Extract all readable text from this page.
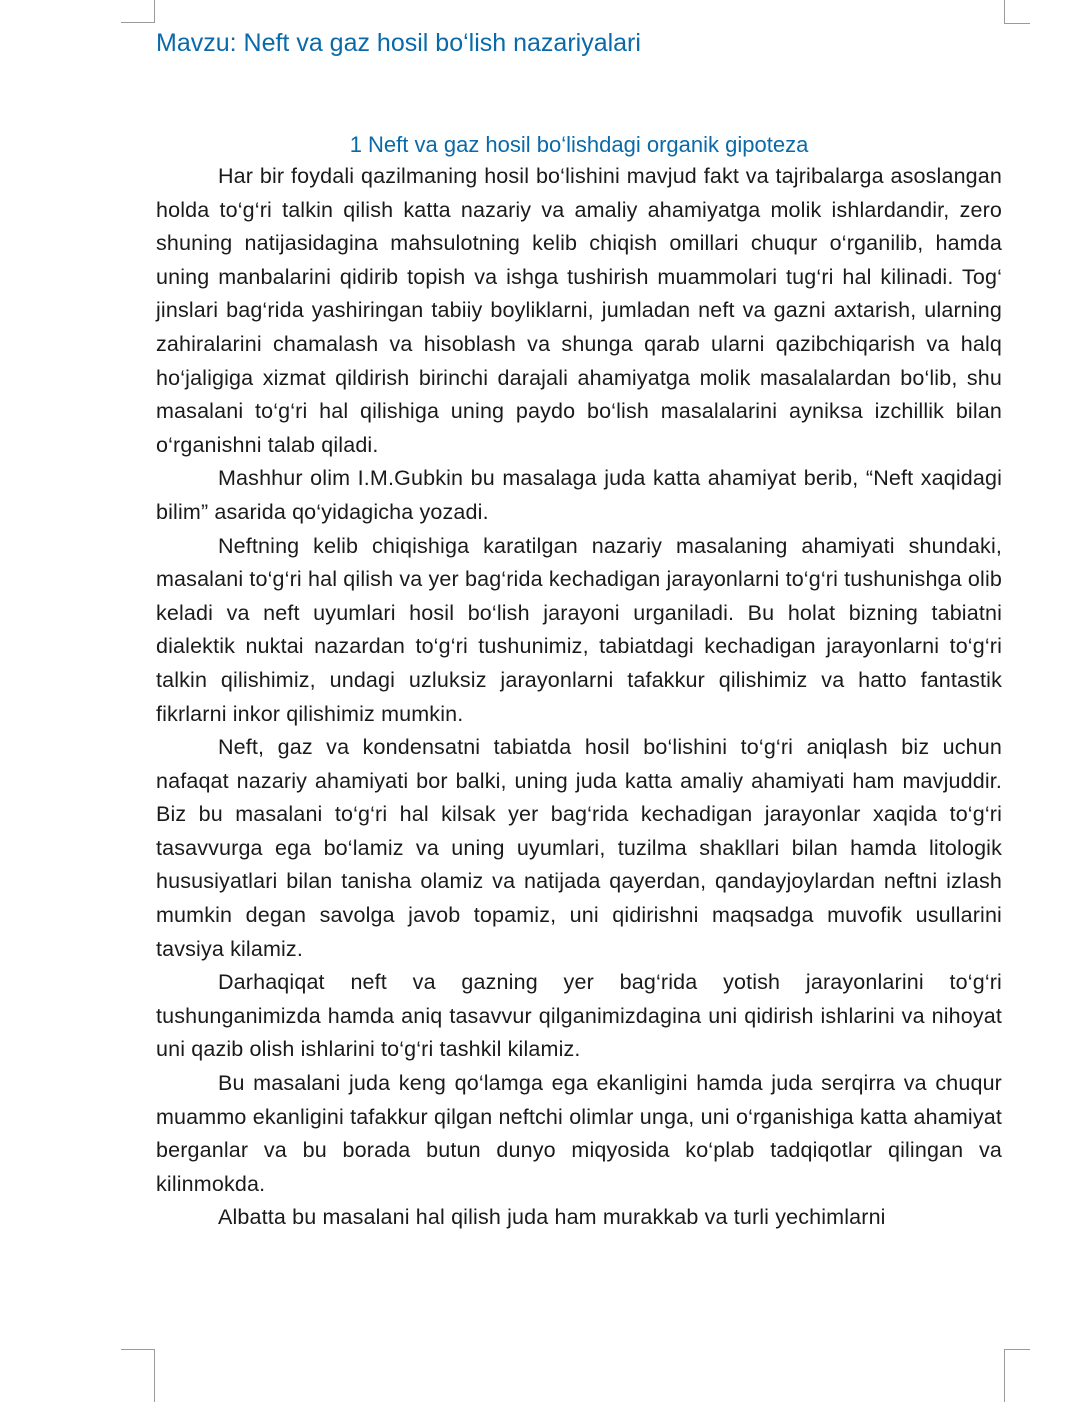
Mavzu: Neft va gaz hosil bo‘lish nazariyalari
1 Neft va gaz hosil bo‘lishdagi organik gipoteza

Har bir foydali qazilmaning hosil bo‘lishini mavjud fakt va tajribalarga asoslangan holda to‘g‘ri talkin qilish katta nazariy va amaliy ahamiyatga molik ishlardandir, zero shuning natijasidagina mahsulotning kelib chiqish omillari chuqur o‘rganilib, hamda uning manbalarini qidirib topish va ishga tushirish muammolari tug‘ri hal kilinadi. Tog‘ jinslari bag‘rida yashiringan tabiiy boyliklarni, jumladan neft va gazni axtarish, ularning zahiralarini chamalash va hisoblash va shunga qarab ularni qazibchiqarish va halq ho‘jaligiga xizmat qildirish birinchi darajali ahamiyatga molik masalalardan bo‘lib, shu masalani to‘g‘ri hal qilishiga uning paydo bo‘lish masalalarini ayniksa izchillik bilan o‘rganishni talab qiladi.

Mashhur olim I.M.Gubkin bu masalaga juda katta ahamiyat berib, “Neft xaqidagi bilim” asarida qo‘yidagicha yozadi.

Neftning kelib chiqishiga karatilgan nazariy masalaning ahamiyati shundaki, masalani to‘g‘ri hal qilish va yer bag‘rida kechadigan jarayonlarni to‘g‘ri tushunishga olib keladi va neft uyumlari hosil bo‘lish jarayoni urganiladi. Bu holat bizning tabiatni dialektik nuktai nazardan to‘g‘ri tushunimiz, tabiatdagi kechadigan jarayonlarni to‘g‘ri talkin qilishimiz, undagi uzluksiz jarayonlarni tafakkur qilishimiz va hatto fantastik fikrlarni inkor qilishimiz mumkin.

Neft, gaz va kondensatni tabiatda hosil bo‘lishini to‘g‘ri aniqlash biz uchun nafaqat nazariy ahamiyati bor balki, uning juda katta amaliy ahamiyati ham mavjuddir. Biz bu masalani to‘g‘ri hal kilsak yer bag‘rida kechadigan jarayonlar xaqida to‘g‘ri tasavvurga ega bo‘lamiz va uning uyumlari, tuzilma shakllari bilan hamda litologik hususiyatlari bilan tanisha olamiz va natijada qayerdan, qandayjoylardan neftni izlash mumkin degan savolga javob topamiz, uni qidirishni maqsadga muvofik usullarini tavsiya kilamiz.

Darhaqiqat neft va gazning yer bag‘rida yotish jarayonlarini to‘g‘ri tushunganimizda hamda aniq tasavvur qilganimizdagina uni qidirish ishlarini va nihoyat uni qazib olish ishlarini to‘g‘ri tashkil kilamiz.

Bu masalani juda keng qo‘lamga ega ekanligini hamda juda serqirra va chuqur muammo ekanligini tafakkur qilgan neftchi olimlar unga, uni o‘rganishiga katta ahamiyat berganlar va bu borada butun dunyo miqyosida ko‘plab tadqiqotlar qilingan va kilinmokda.

Albatta bu masalani hal qilish juda ham murakkab va turli yechimlarni
